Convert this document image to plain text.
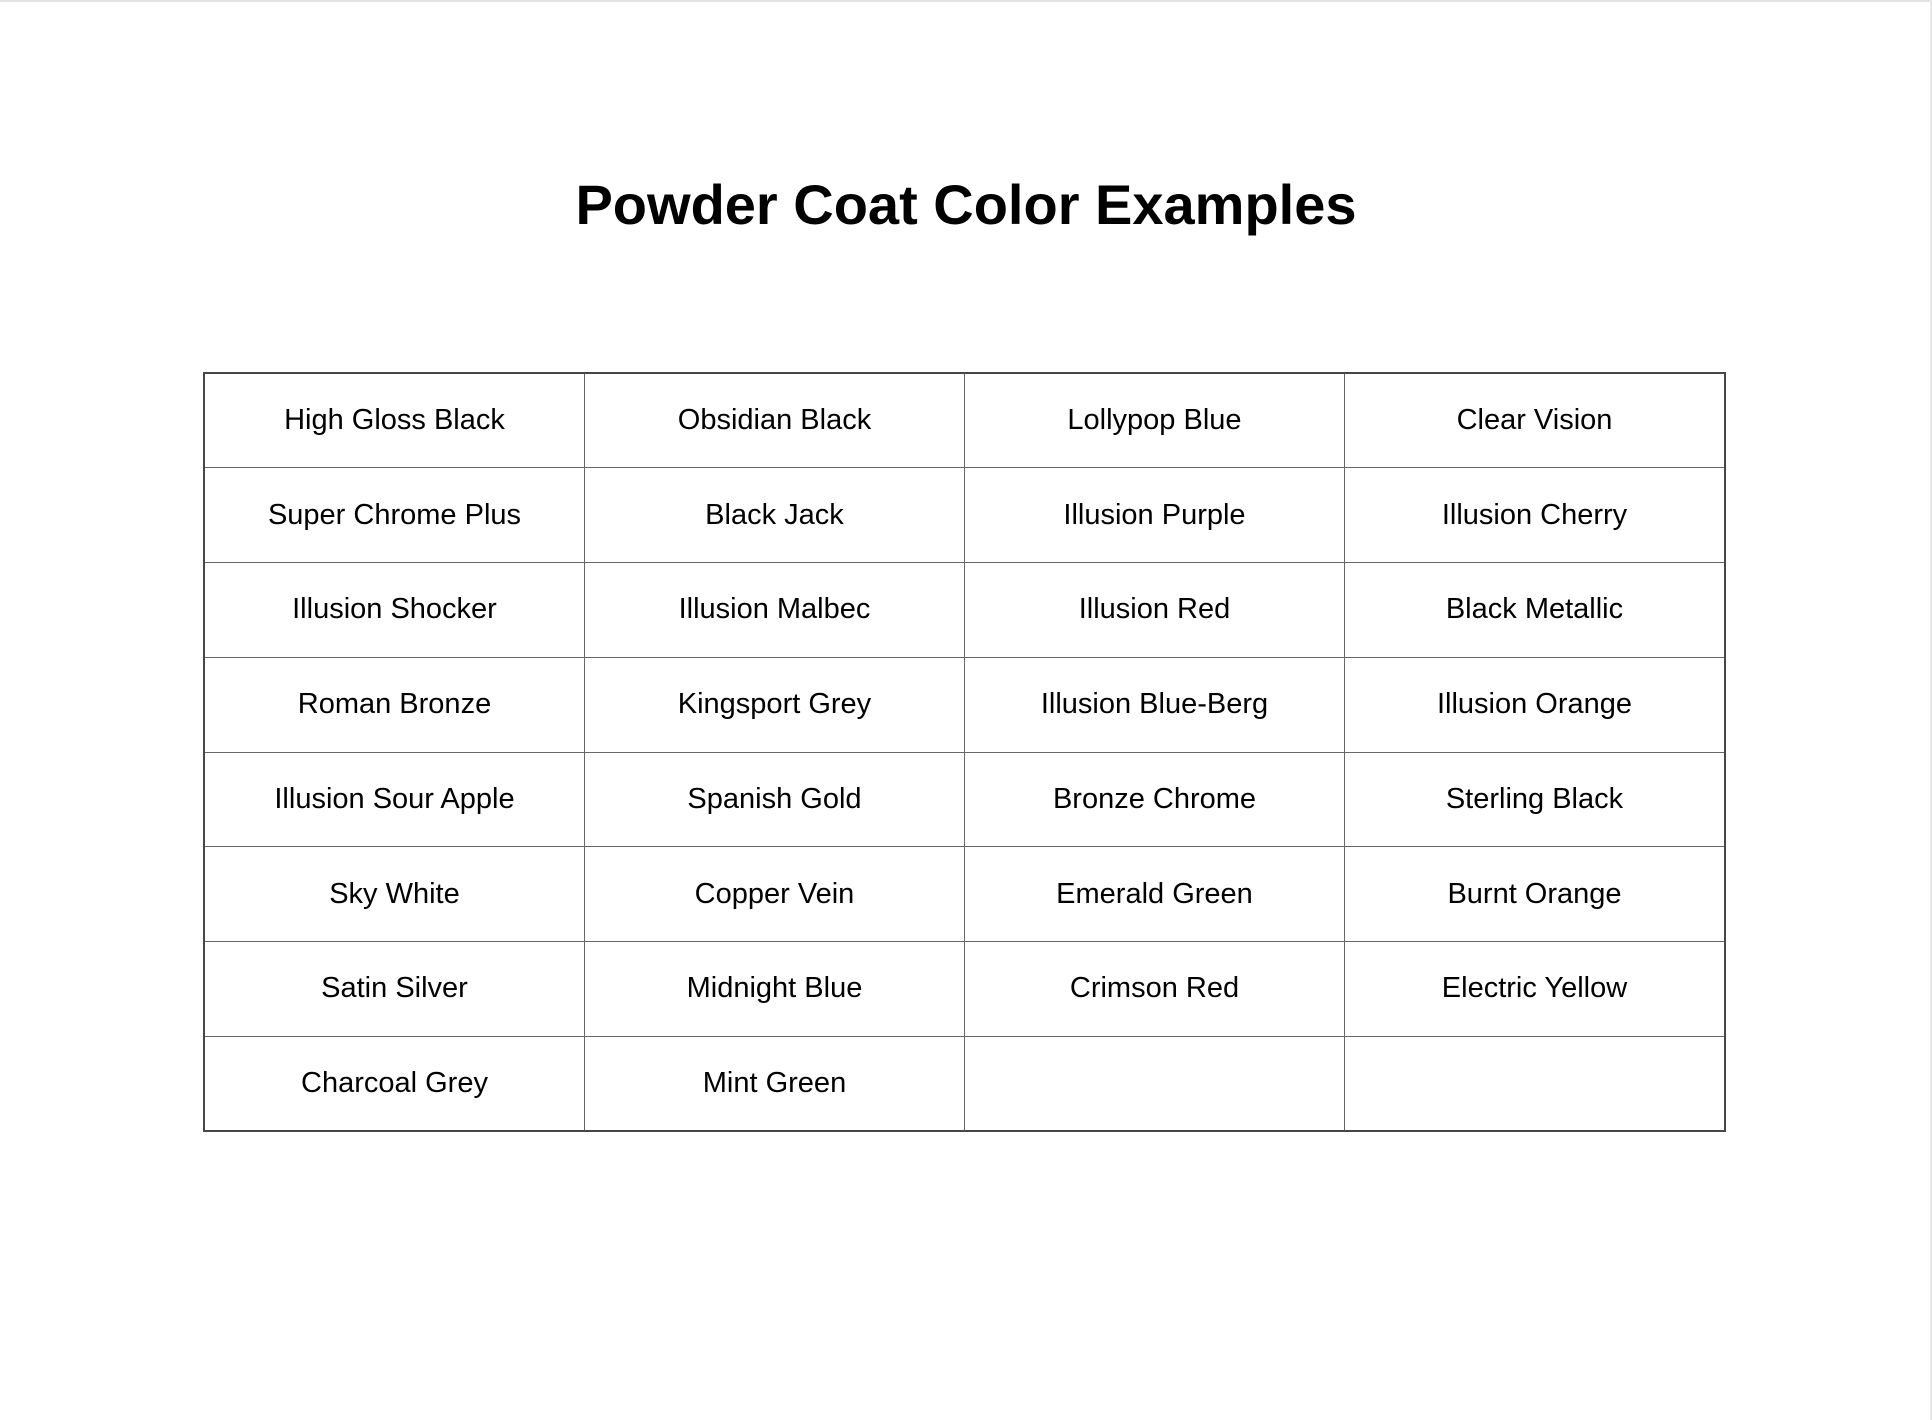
Powder Coat Color Examples
High Gloss Black	Obsidian Black	Lollypop Blue	Clear Vision
Super Chrome Plus	Black Jack	Illusion Purple	Illusion Cherry
Illusion Shocker	Illusion Malbec	Illusion Red	Black Metallic
Roman Bronze	Kingsport Grey	Illusion Blue-Berg	Illusion Orange
Illusion Sour Apple	Spanish Gold	Bronze Chrome	Sterling Black
Sky White	Copper Vein	Emerald Green	Burnt Orange
Satin Silver	Midnight Blue	Crimson Red	Electric Yellow
Charcoal Grey	Mint Green		
